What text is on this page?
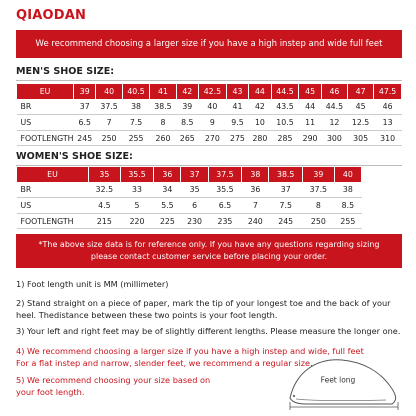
QIAODAN
We recommend choosing a larger size if you have a high instep and wide full feet
MEN'S SHOE SIZE:
EU	39	40	40.5	41	42	42.5	43	44	44.5	45	46	47	47.5
BR	37	37.5	38	38.5	39	40	41	42	43.5	44	44.5	45	46
US	6.5	7	7.5	8	8.5	9	9.5	10	10.5	11	12	12.5	13
FOOTLENGTH	245	250	255	260	265	270	275	280	285	290	300	305	310
WOMEN'S SHOE SIZE:
EU	35	35.5	36	37	37.5	38	38.5	39	40
BR	32.5	33	34	35	35.5	36	37	37.5	38
US	4.5	5	5.5	6	6.5	7	7.5	8	8.5
FOOTLENGTH	215	220	225	230	235	240	245	250	255
*The above size data is for reference only. If you have any questions regarding sizing please contact customer service before placing your order.
1) Foot length unit is MM (millimeter)
2) Stand straight on a piece of paper, mark the tip of your longest toe and the back of your
heel. Thedistance between these two points is your foot length.
3) Your left and right feet may be of slightly different lengths. Please measure the longer one.
4) We recommend choosing a larger size if you have a high instep and wide, full feet
For a flat instep and narrow, slender feet, we recommend a regular size.
5) We recommend choosing your size based on
your foot length.
Feet long
